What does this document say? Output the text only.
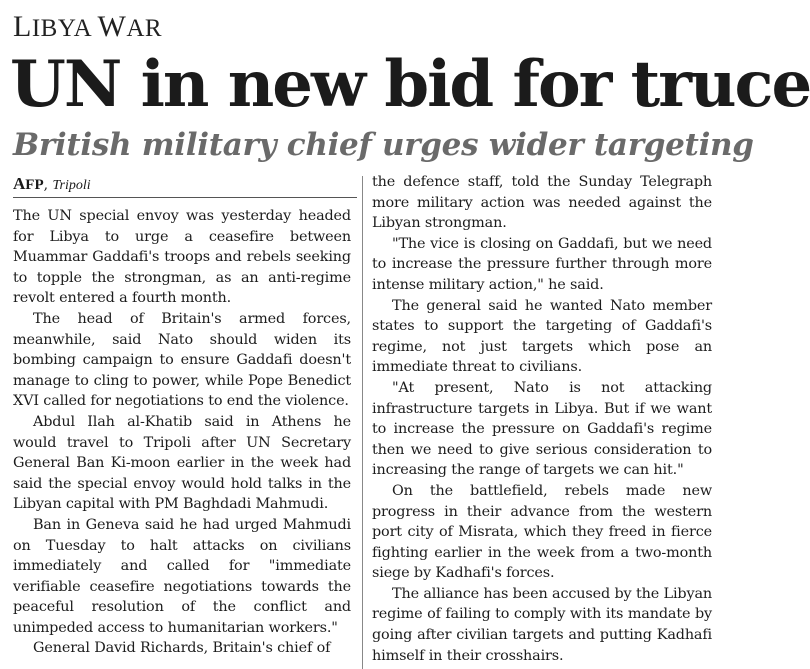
LIBYA WAR
UN in new bid for truce
British military chief urges wider targeting
AFP, Tripoli

The UN special envoy was yesterday headed for Libya to urge a ceasefire between Muammar Gaddafi's troops and rebels seeking to topple the strongman, as an anti-regime revolt entered a fourth month.

The head of Britain's armed forces, meanwhile, said Nato should widen its bombing campaign to ensure Gaddafi doesn't manage to cling to power, while Pope Benedict XVI called for negotiations to end the violence.

Abdul Ilah al-Khatib said in Athens he would travel to Tripoli after UN Secretary General Ban Ki-moon earlier in the week had said the special envoy would hold talks in the Libyan capital with PM Baghdadi Mahmudi.

Ban in Geneva said he had urged Mahmudi on Tuesday to halt attacks on civilians immediately and called for "immediate verifiable ceasefire negotiations towards the peaceful resolution of the conflict and unimpeded access to humanitarian workers."

General David Richards, Britain's chief of

the defence staff, told the Sunday Telegraph more military action was needed against the Libyan strongman.

"The vice is closing on Gaddafi, but we need to increase the pressure further through more intense military action," he said.

The general said he wanted Nato member states to support the targeting of Gaddafi's regime, not just targets which pose an immediate threat to civilians.

"At present, Nato is not attacking infrastructure targets in Libya. But if we want to increase the pressure on Gaddafi's regime then we need to give serious consideration to increasing the range of targets we can hit."

On the battlefield, rebels made new progress in their advance from the western port city of Misrata, which they freed in fierce fighting earlier in the week from a two-month siege by Kadhafi's forces.

The alliance has been accused by the Libyan regime of failing to comply with its mandate by going after civilian targets and putting Kadhafi himself in their crosshairs.
